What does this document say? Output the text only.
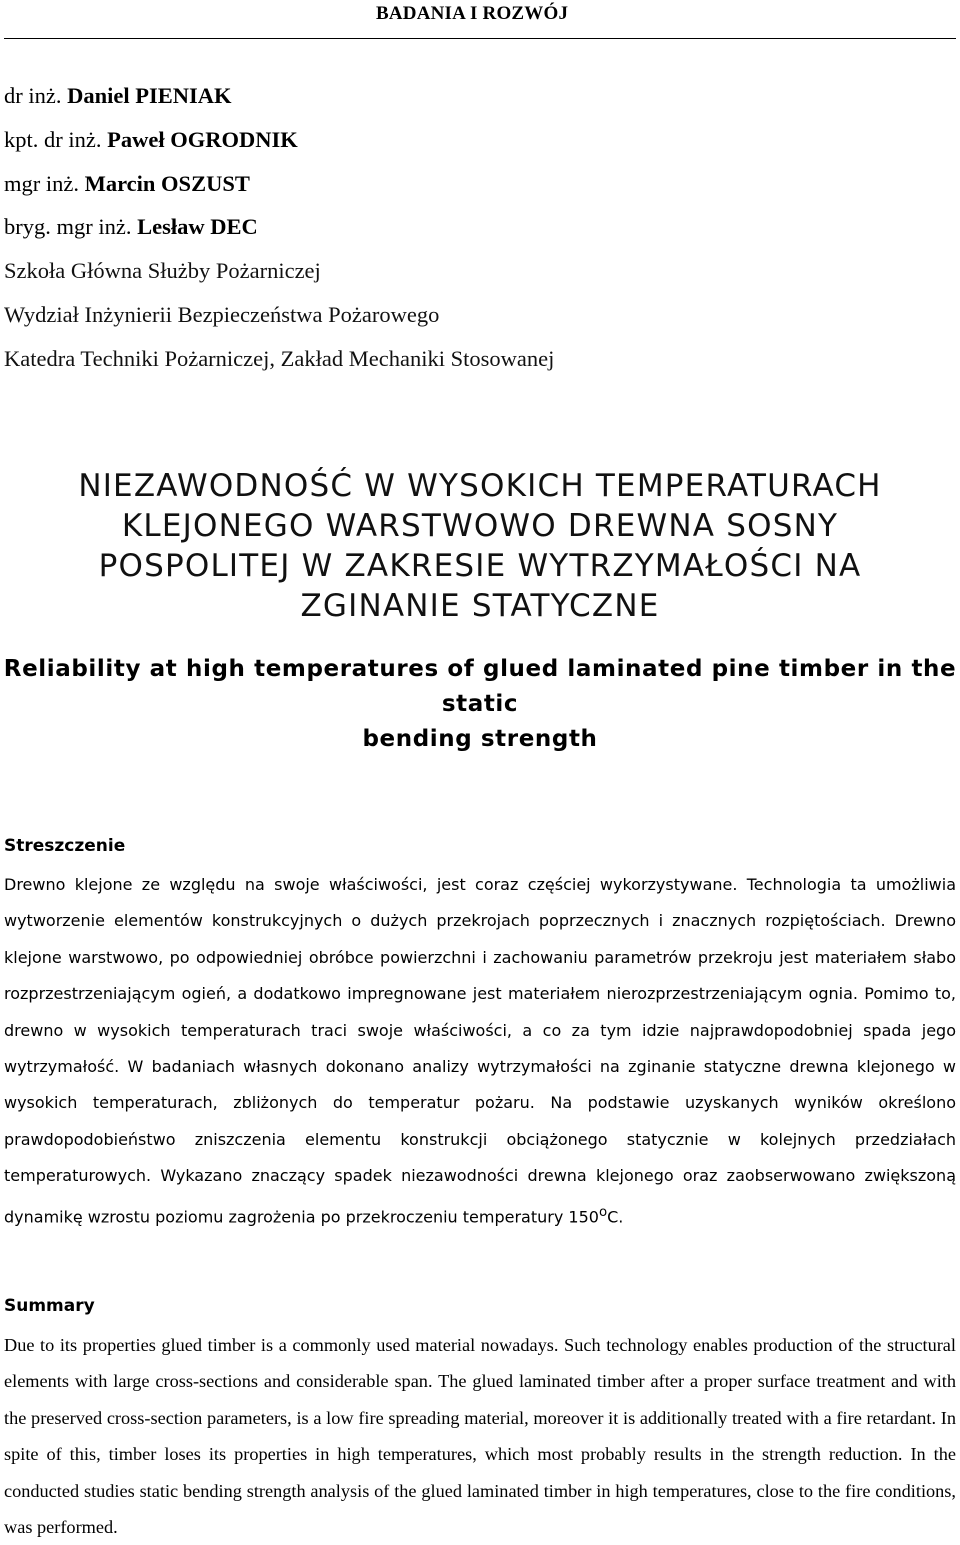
BADANIA I ROZWÓJ
dr inż. Daniel PIENIAK
kpt. dr inż. Paweł OGRODNIK
mgr inż. Marcin OSZUST
bryg. mgr inż. Lesław DEC
Szkoła Główna Służby Pożarniczej
Wydział Inżynierii Bezpieczeństwa Pożarowego
Katedra Techniki Pożarniczej, Zakład Mechaniki Stosowanej
NIEZAWODNOŚĆ W WYSOKICH TEMPERATURACH
KLEJONEGO WARSTWOWO DREWNA SOSNY
POSPOLITEJ W ZAKRESIE WYTRZYMAŁOŚCI NA
ZGINANIE STATYCZNE
Reliability at high temperatures of glued laminated pine timber in the static
bending strength
Streszczenie
Drewno klejone ze względu na swoje właściwości, jest coraz częściej wykorzystywane. Technologia ta umożliwia wytworzenie elementów konstrukcyjnych o dużych przekrojach poprzecznych i znacznych rozpiętościach. Drewno klejone warstwowo, po odpowiedniej obróbce powierzchni i zachowaniu parametrów przekroju jest materiałem słabo rozprzestrzeniającym ogień, a dodatkowo impregnowane jest materiałem nierozprzestrzeniającym ognia. Pomimo to, drewno w wysokich temperaturach traci swoje właściwości, a co za tym idzie najprawdopodobniej spada jego wytrzymałość. W badaniach własnych dokonano analizy wytrzymałości na zginanie statyczne drewna klejonego w wysokich temperaturach, zbliżonych do temperatur pożaru. Na podstawie uzyskanych wyników określono prawdopodobieństwo zniszczenia elementu konstrukcji obciążonego statycznie w kolejnych przedziałach temperaturowych. Wykazano znaczący spadek niezawodności drewna klejonego oraz zaobserwowano zwiększoną dynamikę wzrostu poziomu zagrożenia po przekroczeniu temperatury 150$^o$C.
Summary
Due to its properties glued timber is a commonly used material nowadays. Such technology enables production of the structural elements with large cross-sections and considerable span. The glued laminated timber after a proper surface treatment and with the preserved cross-section parameters, is a low fire spreading material, moreover it is additionally treated with a fire retardant. In spite of this, timber loses its properties in high temperatures, which most probably results in the strength reduction. In the conducted studies static bending strength analysis of the glued laminated timber in high temperatures, close to the fire conditions, was performed.
